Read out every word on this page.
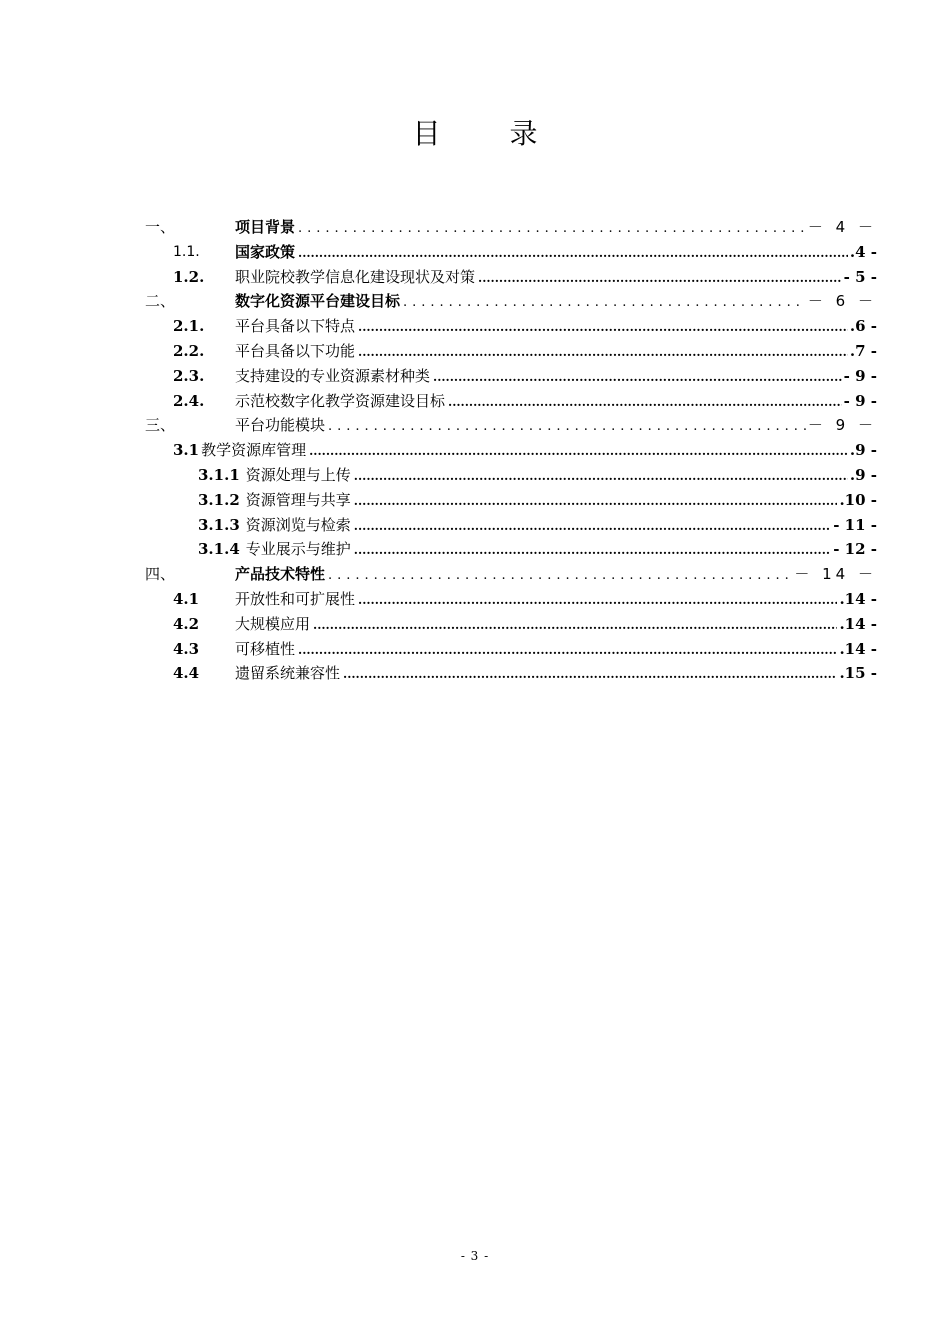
目 录
一、	项目背景 .....	－ 4 －
1.1. 国家政策 .....	.4 -
1.2. 职业院校教学信息化建设现状及对策 .....	- 5 -
二、	数字化资源平台建设目标 .....	－ 6 －
2.1. 平台具备以下特点 .....	.6 -
2.2. 平台具备以下功能 .....	.7 -
2.3. 支持建设的专业资源素材种类 .....	- 9 -
2.4. 示范校数字化教学资源建设目标 .....	- 9 -
三、	平台功能模块 .....	－ 9 －
3.1 教学资源库管理 .....	.9 -
3.1.1 资源处理与上传 .....	.9 -
3.1.2 资源管理与共享 .....	.10 -
3.1.3 资源浏览与检索 .....	- 11 -
3.1.4 专业展示与维护 .....	- 12 -
四、	产品技术特性 .....	－ 14 －
4.1 开放性和可扩展性 .....	.14 -
4.2 大规模应用 .....	.14 -
4.3 可移植性 .....	.14 -
4.4 遗留系统兼容性 .....	.15 -
- 3 -
